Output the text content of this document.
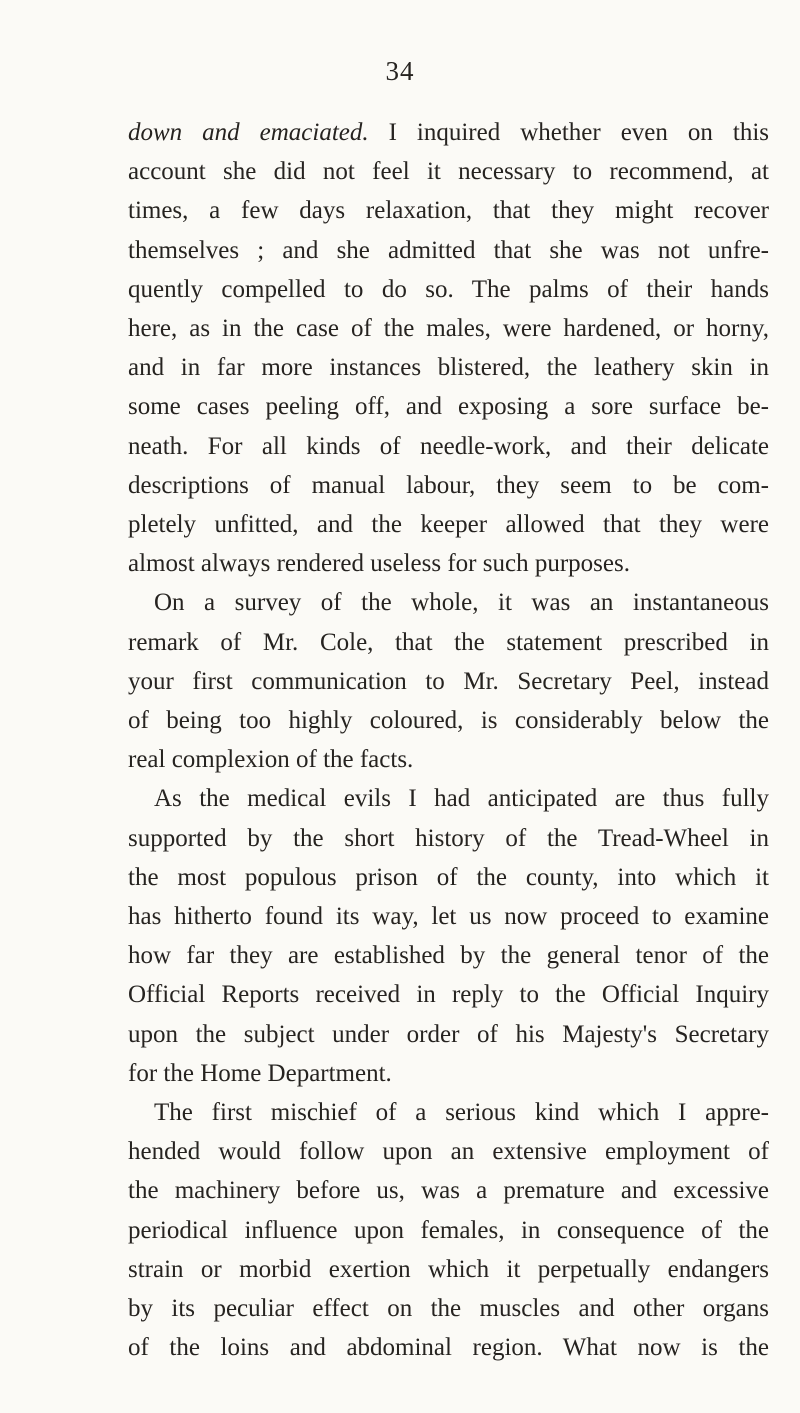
34
down and emaciated. I inquired whether even on this
account she did not feel it necessary to recommend, at
times, a few days relaxation, that they might recover
themselves ; and she admitted that she was not unfre-
quently compelled to do so. The palms of their hands
here, as in the case of the males, were hardened, or horny,
and in far more instances blistered, the leathery skin in
some cases peeling off, and exposing a sore surface be-
neath. For all kinds of needle-work, and their delicate
descriptions of manual labour, they seem to be com-
pletely unfitted, and the keeper allowed that they were
almost always rendered useless for such purposes.
On a survey of the whole, it was an instantaneous
remark of Mr. Cole, that the statement prescribed in
your first communication to Mr. Secretary Peel, instead
of being too highly coloured, is considerably below the
real complexion of the facts.
As the medical evils I had anticipated are thus fully
supported by the short history of the Tread-Wheel in
the most populous prison of the county, into which it
has hitherto found its way, let us now proceed to examine
how far they are established by the general tenor of the
Official Reports received in reply to the Official Inquiry
upon the subject under order of his Majesty's Secretary
for the Home Department.
The first mischief of a serious kind which I appre-
hended would follow upon an extensive employment of
the machinery before us, was a premature and excessive
periodical influence upon females, in consequence of the
strain or morbid exertion which it perpetually endangers
by its peculiar effect on the muscles and other organs
of the loins and abdominal region. What now is the
